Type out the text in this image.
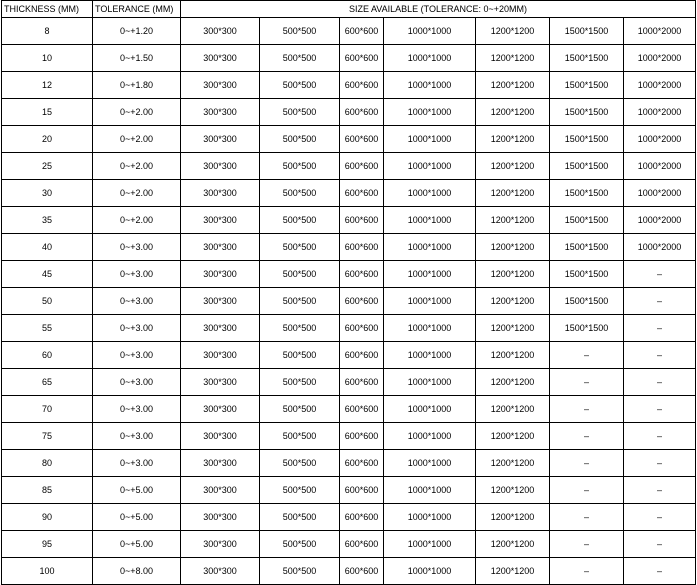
THICKNESS (MM)	TOLERANCE (MM)	SIZE AVAILABLE (TOLERANCE: 0~+20MM)						
8	0~+1.20	300*300	500*500	600*600	1000*1000	1200*1200	1500*1500	1000*2000
10	0~+1.50	300*300	500*500	600*600	1000*1000	1200*1200	1500*1500	1000*2000
12	0~+1.80	300*300	500*500	600*600	1000*1000	1200*1200	1500*1500	1000*2000
15	0~+2.00	300*300	500*500	600*600	1000*1000	1200*1200	1500*1500	1000*2000
20	0~+2.00	300*300	500*500	600*600	1000*1000	1200*1200	1500*1500	1000*2000
25	0~+2.00	300*300	500*500	600*600	1000*1000	1200*1200	1500*1500	1000*2000
30	0~+2.00	300*300	500*500	600*600	1000*1000	1200*1200	1500*1500	1000*2000
35	0~+2.00	300*300	500*500	600*600	1000*1000	1200*1200	1500*1500	1000*2000
40	0~+3.00	300*300	500*500	600*600	1000*1000	1200*1200	1500*1500	1000*2000
45	0~+3.00	300*300	500*500	600*600	1000*1000	1200*1200	1500*1500	–
50	0~+3.00	300*300	500*500	600*600	1000*1000	1200*1200	1500*1500	–
55	0~+3.00	300*300	500*500	600*600	1000*1000	1200*1200	1500*1500	–
60	0~+3.00	300*300	500*500	600*600	1000*1000	1200*1200	–	–
65	0~+3.00	300*300	500*500	600*600	1000*1000	1200*1200	–	–
70	0~+3.00	300*300	500*500	600*600	1000*1000	1200*1200	–	–
75	0~+3.00	300*300	500*500	600*600	1000*1000	1200*1200	–	–
80	0~+3.00	300*300	500*500	600*600	1000*1000	1200*1200	–	–
85	0~+5.00	300*300	500*500	600*600	1000*1000	1200*1200	–	–
90	0~+5.00	300*300	500*500	600*600	1000*1000	1200*1200	–	–
95	0~+5.00	300*300	500*500	600*600	1000*1000	1200*1200	–	–
100	0~+8.00	300*300	500*500	600*600	1000*1000	1200*1200	–	–
